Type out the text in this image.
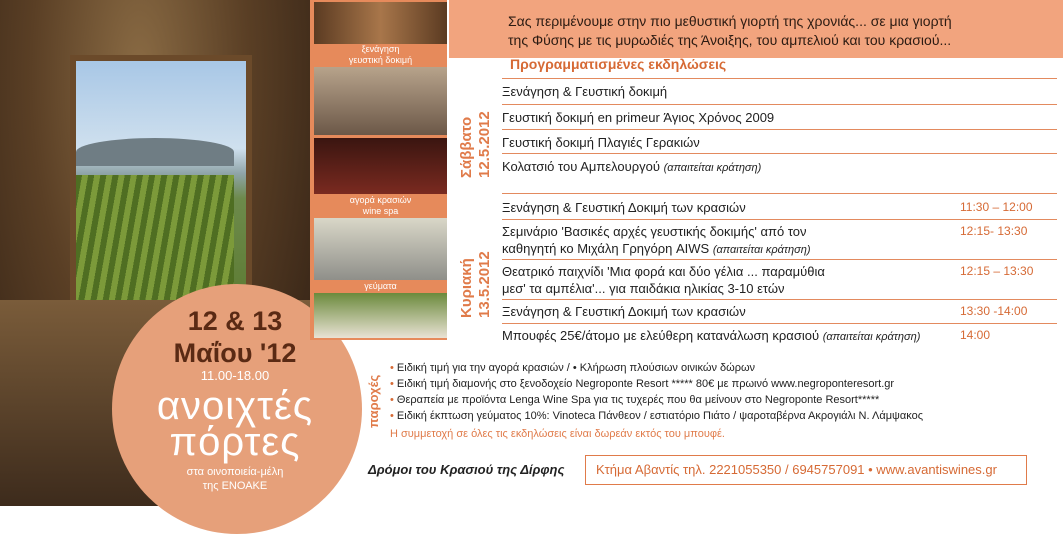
12 & 13
Μαΐου '12
11.00-18.00
ανοιχτές
πόρτες
στα οινοποιεία-μέλη
της ΕΝΟΑΚΕ
ξενάγηση
γευστική δοκιμή
αγορά κρασιών
wine spa
γεύματα
Σας περιμένουμε στην πιο μεθυστική γιορτή της χρονιάς... σε μια γιορτή
της Φύσης με τις μυρωδιές της Άνοιξης, του αμπελιού και του κρασιού...
Προγραμματισμένες εκδηλώσεις
Σάββατο 12.5.2012
Ξενάγηση & Γευστική δοκιμή
Γευστική δοκιμή en primeur Άγιος Χρόνος 2009
Γευστική δοκιμή Πλαγιές Γερακιών
Κολατσιό του Αμπελουργού (απαιτείται κράτηση)
Κυριακή 13.5.2012
Ξενάγηση & Γευστική Δοκιμή των κρασιών	11:30 – 12:00
Σεμινάριο 'Βασικές αρχές γευστικής δοκιμής' από τον
καθηγητή κο Μιχάλη Γρηγόρη AIWS (απαιτείται κράτηση)
12:15- 13:30
Θεατρικό παιχνίδι 'Μια φορά και δύο γέλια ... παραμύθια
μεσ' τα αμπέλια'... για παιδάκια ηλικίας 3-10 ετών
12:15 – 13:30
Ξενάγηση & Γευστική Δοκιμή των κρασιών	13:30 -14:00
Μπουφές 25€/άτομο με ελεύθερη κατανάλωση κρασιού (απαιτείται κράτηση)	14:00
παροχές
• Ειδική τιμή για την αγορά κρασιών / • Κλήρωση πλούσιων οινικών δώρων
• Ειδική τιμή διαμονής στο ξενοδοχείο Negroponte Resort ***** 80€ με πρωινό www.negroponteresort.gr
• Θεραπεία με προϊόντα Lenga Wine Spa για τις τυχερές που θα μείνουν στο Negroponte Resort*****
• Ειδική έκπτωση γεύματος 10%: Vinoteca Πάνθεον / εστιατόριο Πιάτο / ψαροταβέρνα Ακρογιάλι Ν. Λάμψακος
Η συμμετοχή σε όλες τις εκδηλώσεις είναι δωρεάν εκτός του μπουφέ.
Δρόμοι του Κρασιού της Δίρφης Κτήμα Αβαντίς τηλ. 2221055350 / 6945757091 • www.avantiswines.gr
